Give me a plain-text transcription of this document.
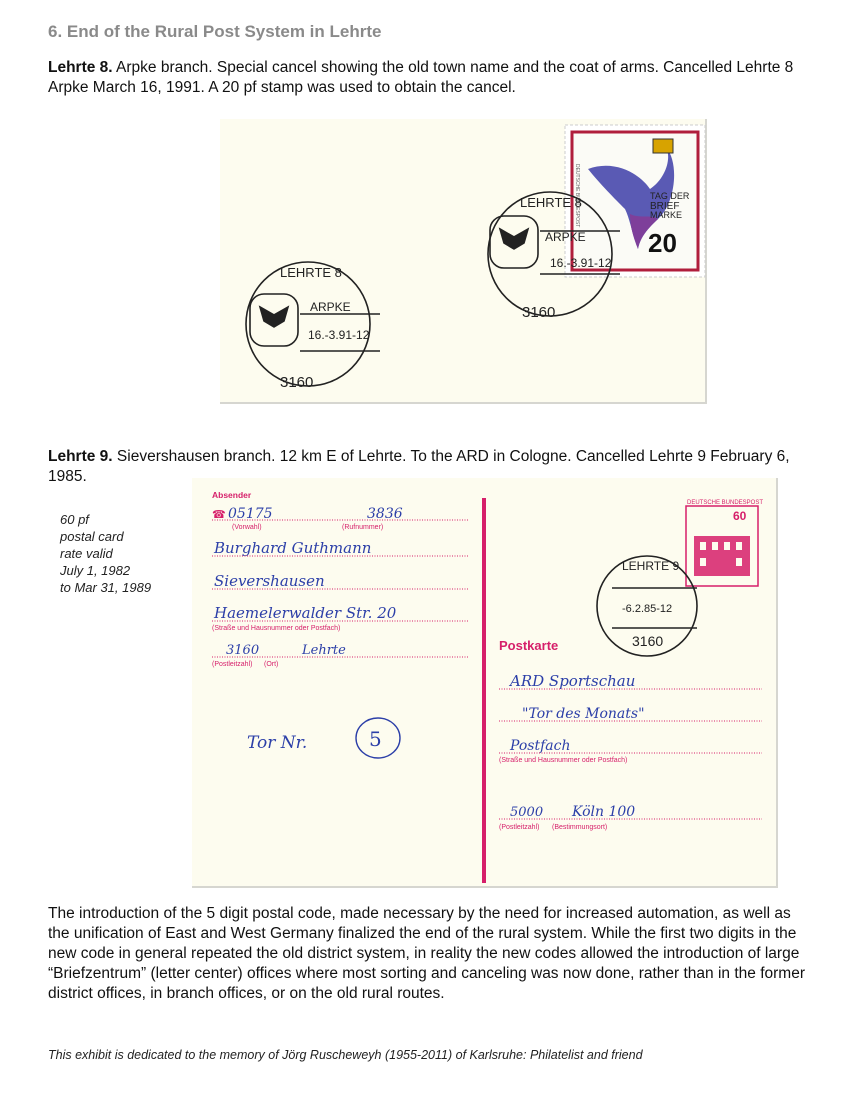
6. End of the Rural Post System in Lehrte
Lehrte 8. Arpke branch. Special cancel showing the old town name and the coat of arms. Cancelled Lehrte 8 Arpke March 16, 1991. A 20 pf stamp was used to obtain the cancel.
TAG DER
BRIEF
MARKE
20
DEUTSCHE BUNDESPOST
LEHRTE 8
ARPKE
16.-3.91-12
3160
LEHRTE 8
ARPKE
16.-3.91-12
3160
Lehrte 9. Sievershausen branch. 12 km E of Lehrte. To the ARD in Cologne. Cancelled Lehrte 9 February 6, 1985.
60 pf
postal card
rate valid
July 1, 1982
to Mar 31, 1989
Absender
☎ 05175	3836
(Vorwahl)	(Rufnummer)
Burghard Guthmann
Sievershausen
Haemelerwalder Str. 20
(Straße und Hausnummer oder Postfach)
3160	Lehrte
(Postleitzahl) (Ort)
Tor Nr.	5
DEUTSCHE BUNDESPOST
60
LEHRTE 9
-6.2.85-12
3160
Postkarte
ARD Sportschau
"Tor des Monats"
Postfach
(Straße und Hausnummer oder Postfach)
5000 Köln 100
(Postleitzahl) (Bestimmungsort)
The introduction of the 5 digit postal code, made necessary by the need for increased automation, as well as the unification of East and West Germany finalized the end of the rural system. While the first two digits in the new code in general repeated the old district system, in reality the new codes allowed the introduction of large “Briefzentrum” (letter center) offices where most sorting and canceling was now done, rather than in the former district offices, in branch offices, or on the old rural routes.
This exhibit is dedicated to the memory of Jörg Ruscheweyh (1955-2011) of Karlsruhe: Philatelist and friend
